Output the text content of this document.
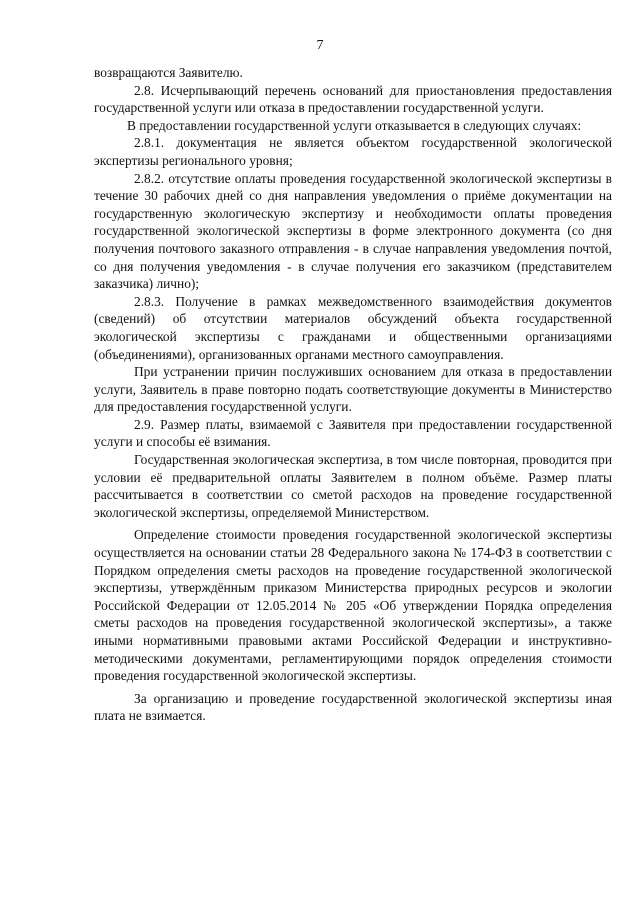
7

возвращаются Заявителю.

2.8. Исчерпывающий перечень оснований для приостановления предоставления государственной услуги или отказа в предоставлении государственной услуги.

В предоставлении государственной услуги отказывается в следующих случаях:

2.8.1. документация не является объектом государственной экологической экспертизы регионального уровня;

2.8.2. отсутствие оплаты проведения государственной экологической экспертизы в течение 30 рабочих дней со дня направления уведомления о приёме документации на государственную экологическую экспертизу и необходимости оплаты проведения государственной экологической экспертизы в форме электронного документа (со дня получения почтового заказного отправления - в случае направления уведомления почтой, со дня получения уведомления - в случае получения его заказчиком (представителем заказчика) лично);

2.8.3. Получение в рамках межведомственного взаимодействия документов (сведений) об отсутствии материалов обсуждений объекта государственной экологической экспертизы с гражданами и общественными организациями (объединениями), организованных органами местного самоуправления.

При устранении причин послуживших основанием для отказа в предоставлении услуги, Заявитель в праве повторно подать соответствующие документы в Министерство для предоставления государственной услуги.

2.9. Размер платы, взимаемой с Заявителя при предоставлении государственной услуги и способы её взимания.

Государственная экологическая экспертиза, в том числе повторная, проводится при условии её предварительной оплаты Заявителем в полном объёме. Размер платы рассчитывается в соответствии со сметой расходов на проведение государственной экологической экспертизы, определяемой Министерством.

Определение стоимости проведения государственной экологической экспертизы осуществляется на основании статьи 28 Федерального закона № 174-ФЗ в соответствии с Порядком определения сметы расходов на проведение государственной экологической экспертизы, утверждённым приказом Министерства природных ресурсов и экологии Российской Федерации от 12.05.2014 № 205 «Об утверждении Порядка определения сметы расходов на проведения государственной экологической экспертизы», а также иными нормативными правовыми актами Российской Федерации и инструктивно-методическими документами, регламентирующими порядок определения стоимости проведения государственной экологической экспертизы.

За организацию и проведение государственной экологической экспертизы иная плата не взимается.
